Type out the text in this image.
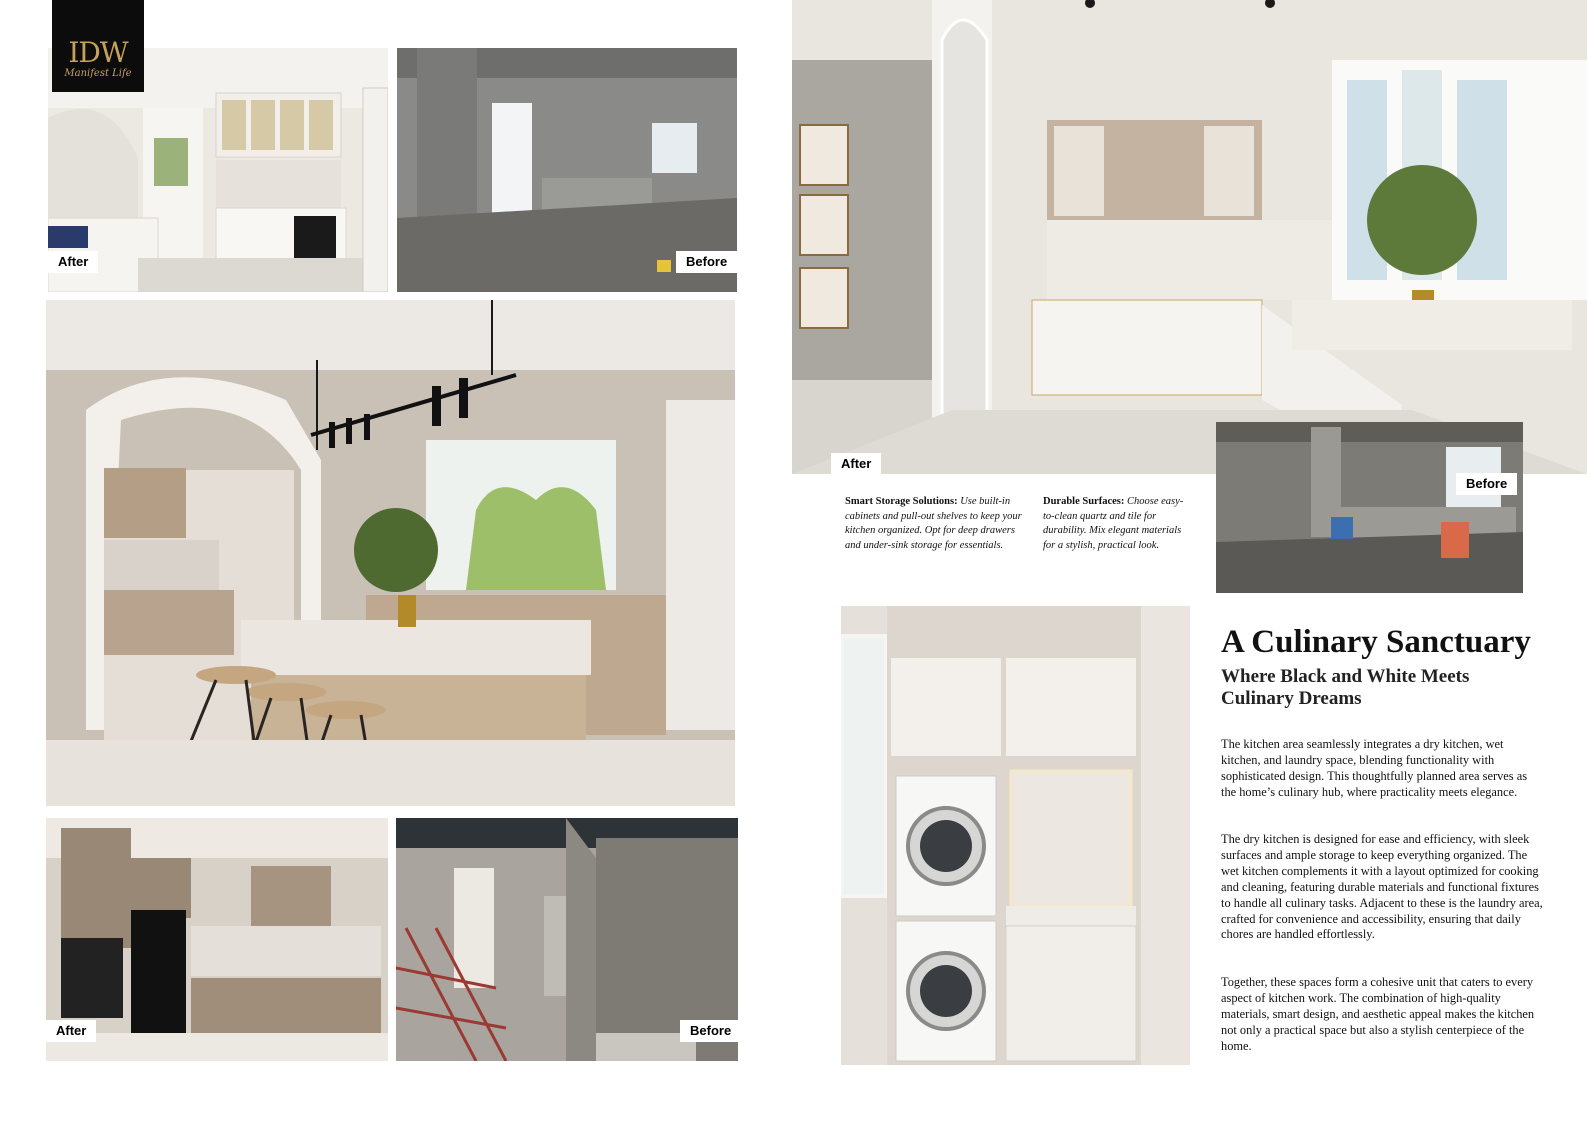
After
IDW
Manifest Life
Before
After	Before
After
Before
Smart Storage Solutions: Use built-in cabinets and pull-out shelves to keep your kitchen organized. Opt for deep drawers and under-sink storage for essentials.
Durable Surfaces: Choose easy-to-clean quartz and tile for durability. Mix elegant materials for a stylish, practical look.
A Culinary Sanctuary
Where Black and White Meets Culinary Dreams

The kitchen area seamlessly integrates a dry kitchen, wet kitchen, and laundry space, blending functionality with sophisticated design. This thoughtfully planned area serves as the home’s culinary hub, where practicality meets elegance.

The dry kitchen is designed for ease and efficiency, with sleek surfaces and ample storage to keep everything organized. The wet kitchen complements it with a layout optimized for cooking and cleaning, featuring durable materials and functional fixtures to handle all culinary tasks. Adjacent to these is the laundry area, crafted for convenience and accessibility, ensuring that daily chores are handled effortlessly.

Together, these spaces form a cohesive unit that caters to every aspect of kitchen work. The combination of high-quality materials, smart design, and aesthetic appeal makes the kitchen not only a practical space but also a stylish centerpiece of the home.
